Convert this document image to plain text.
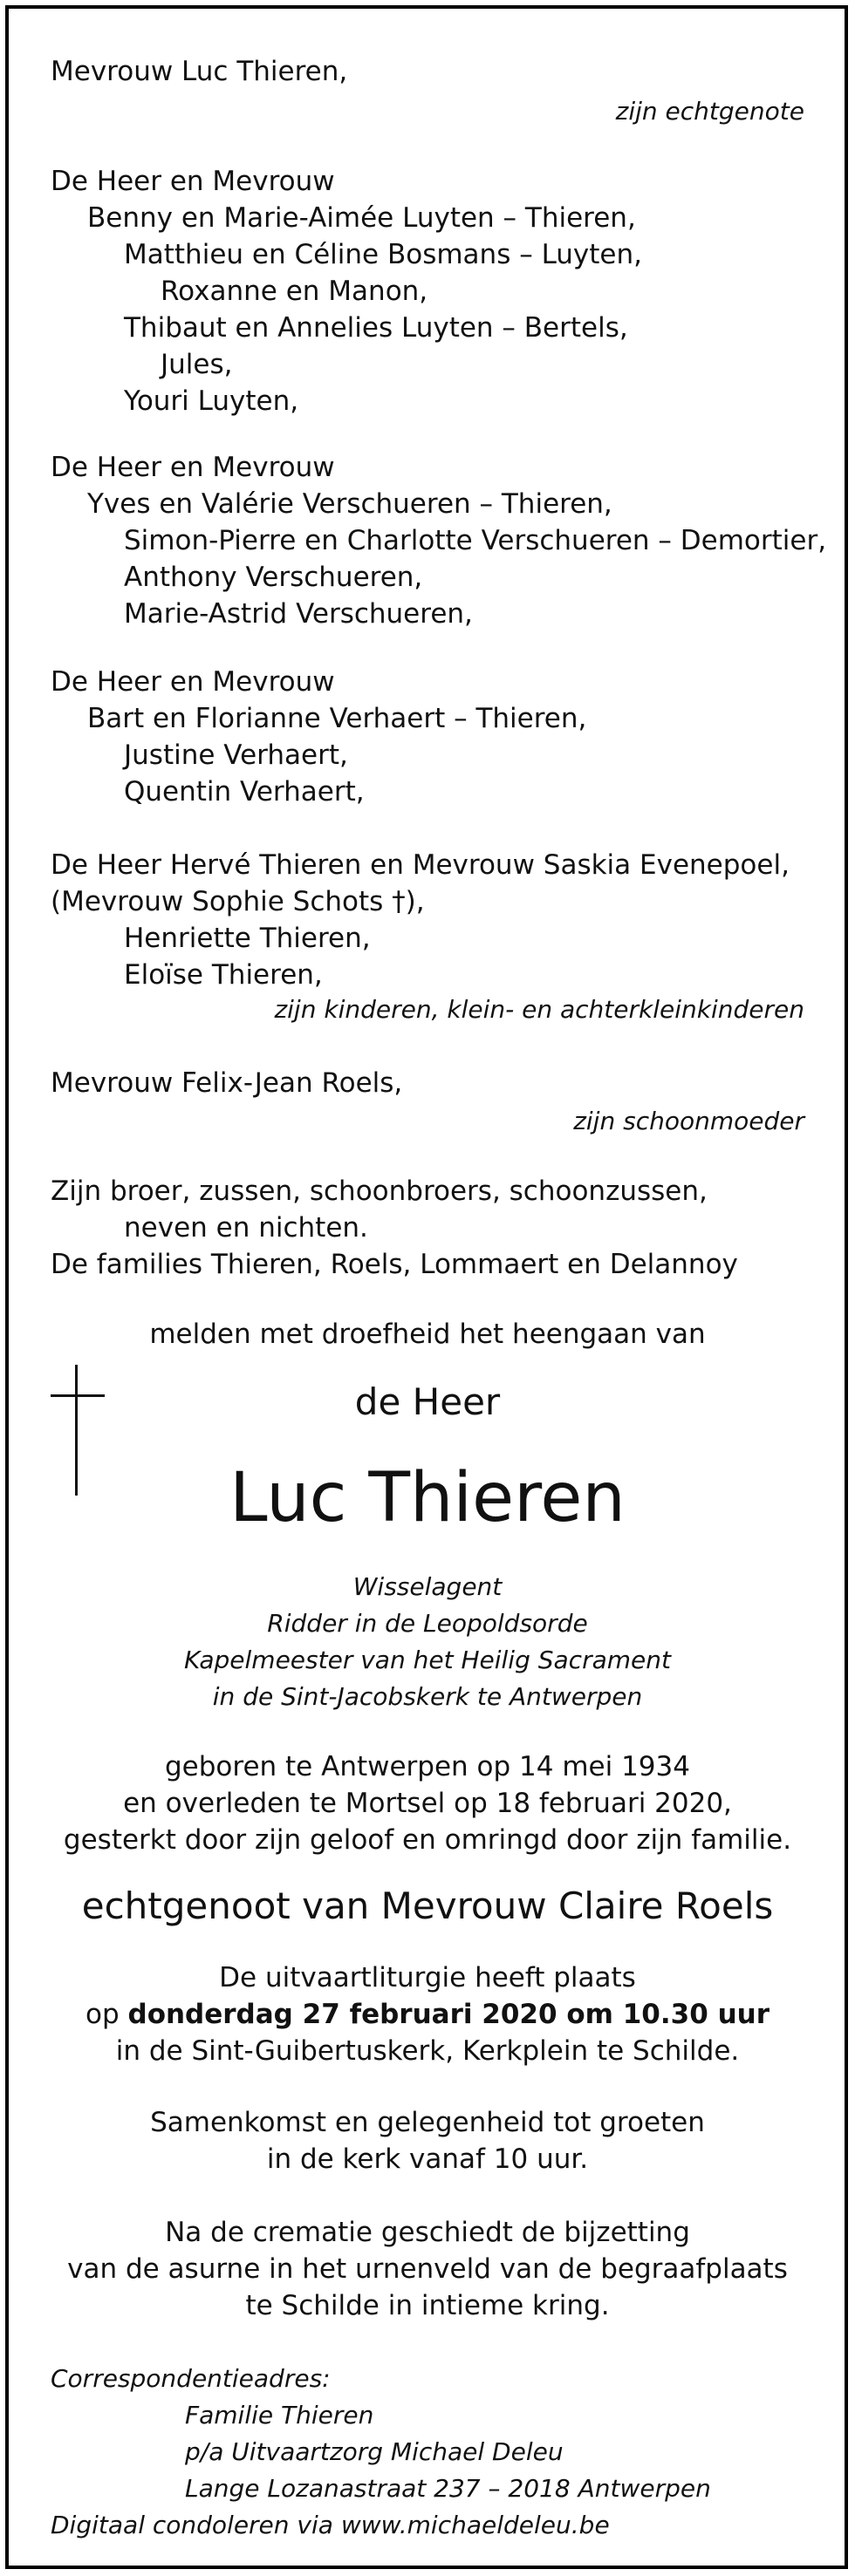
Mevrouw Luc Thieren,
zijn echtgenote
De Heer en Mevrouw
Benny en Marie-Aimée Luyten – Thieren,
Matthieu en Céline Bosmans – Luyten,
Roxanne en Manon,
Thibaut en Annelies Luyten – Bertels,
Jules,
Youri Luyten,
De Heer en Mevrouw
Yves en Valérie Verschueren – Thieren,
Simon-Pierre en Charlotte Verschueren – Demortier,
Anthony Verschueren,
Marie-Astrid Verschueren,
De Heer en Mevrouw
Bart en Florianne Verhaert – Thieren,
Justine Verhaert,
Quentin Verhaert,
De Heer Hervé Thieren en Mevrouw Saskia Evenepoel,
(Mevrouw Sophie Schots †),
Henriette Thieren,
Eloïse Thieren,
zijn kinderen, klein- en achterkleinkinderen
Mevrouw Felix-Jean Roels,
zijn schoonmoeder
Zijn broer, zussen, schoonbroers, schoonzussen,
neven en nichten.
De families Thieren, Roels, Lommaert en Delannoy
melden met droefheid het heengaan van
de Heer
Luc Thieren
Wisselagent
Ridder in de Leopoldsorde
Kapelmeester van het Heilig Sacrament
in de Sint-Jacobskerk te Antwerpen
geboren te Antwerpen op 14 mei 1934
en overleden te Mortsel op 18 februari 2020,
gesterkt door zijn geloof en omringd door zijn familie.
echtgenoot van Mevrouw Claire Roels
De uitvaartliturgie heeft plaats
op donderdag 27 februari 2020 om 10.30 uur
in de Sint-Guibertuskerk, Kerkplein te Schilde.
Samenkomst en gelegenheid tot groeten
in de kerk vanaf 10 uur.
Na de crematie geschiedt de bijzetting
van de asurne in het urnenveld van de begraafplaats
te Schilde in intieme kring.
Correspondentieadres:
Familie Thieren
p/a Uitvaartzorg Michael Deleu
Lange Lozanastraat 237 – 2018 Antwerpen
Digitaal condoleren via www.michaeldeleu.be
